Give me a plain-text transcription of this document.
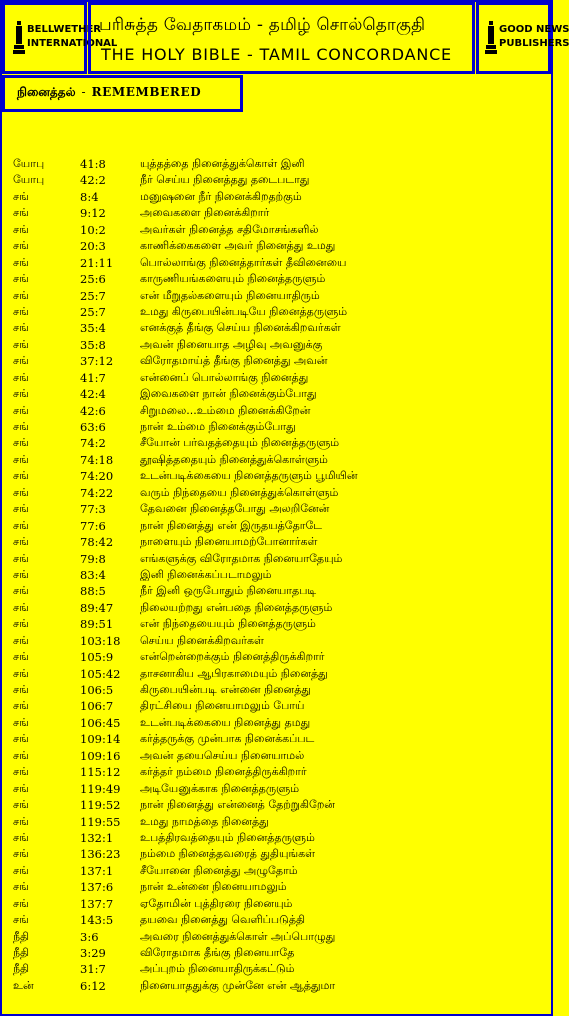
BELLWETHER
INTERNATIONAL
பரிசுத்த வேதாகமம் - தமிழ் சொல்தொகுதி
THE HOLY BIBLE - TAMIL CONCORDANCE
GOOD NEWS
PUBLISHERS
நினைத்தல் - REMEMBERED
யோபு	41:8	யுத்தத்தை நினைத்துக்கொள் இனி
யோபு	42:2	நீர் செய்ய நினைத்தது தடைபடாது
சங்	8:4	மனுஷனை நீர் நினைக்கிறதற்கும்
சங்	9:12	அவைகளை நினைக்கிறார்
சங்	10:2	அவர்கள் நினைத்த சதிமோசங்களில்
சங்	20:3	காணிக்கைகளை அவர் நினைத்து உமது
சங்	21:11 பொல்லாங்கு நினைத்தார்கள் தீவினையை
சங்	25:6	காருணியங்களையும் நினைத்தருளும்
சங்	25:7	என் மீறுதல்களையும் நினையாதிரும்
சங்	25:7	உமது கிருபையின்படியே நினைத்தருளும்
சங்	35:4	எனக்குத் தீங்கு செய்ய நினைக்கிறவர்கள்
சங்	35:8	அவன் நினையாத அழிவு அவனுக்கு
சங்	37:12 விரோதமாய்த் தீங்கு நினைத்து அவன்
சங்	41:7	என்னைப் பொல்லாங்கு நினைத்து
சங்	42:4	இவைகளை நான் நினைக்கும்போது
சங்	42:6	சிறுமலை...உம்மை நினைக்கிறேன்
சங்	63:6	நான் உம்மை நினைக்கும்போது
சங்	74:2	சீயோன் பர்வதத்தையும் நினைத்தருளும்
சங்	74:18 தூஷித்ததையும் நினைத்துக்கொள்ளும்
சங்	74:20 உடன்படிக்கையை நினைத்தருளும் பூமியின்
சங்	74:22 வரும் நிந்தையை நினைத்துக்கொள்ளும்
சங்	77:3	தேவனை நினைத்தபோது அலறினேன்
சங்	77:6	நான் நினைத்து என் இருதயத்தோடே
சங்	78:42 நாளையும் நினையாமற்போனார்கள்
சங்	79:8	எங்களுக்கு விரோதமாக நினையாதேயும்
சங்	83:4	இனி நினைக்கப்படாமலும்
சங்	88:5	நீர் இனி ஒருபோதும் நினையாதபடி
சங்	89:47 நிலையற்றது என்பதை நினைத்தருளும்
சங்	89:51 என் நிந்தையையும் நினைத்தருளும்
சங்	103:18 செய்ய நினைக்கிறவர்கள்
சங்	105:9 என்றென்றைக்கும் நினைத்திருக்கிறார்
சங்	105:42 தாசனாகிய ஆபிரகாமையும் நினைத்து
சங்	106:5 கிருபையின்படி என்னை நினைத்து
சங்	106:7 திரட்சியை நினையாமலும் போய்
சங்	106:45 உடன்படிக்கையை நினைத்து தமது
சங்	109:14 கர்த்தருக்கு முன்பாக நினைக்கப்பட
சங்	109:16 அவன் தயைசெய்ய நினையாமல்
சங்	115:12 கர்த்தர் நம்மை நினைத்திருக்கிறார்
சங்	119:49 அடியேனுக்காக நினைத்தருளும்
சங்	119:52 நான் நினைத்து என்னைத் தேற்றுகிறேன்
சங்	119:55 உமது நாமத்தை நினைத்து
சங்	132:1 உபத்திரவத்தையும் நினைத்தருளும்
சங்	136:23 நம்மை நினைத்தவரைத் துதியுங்கள்
சங்	137:1 சீயோனை நினைத்து அழுதோம்
சங்	137:6 நான் உன்னை நினையாமலும்
சங்	137:7 ஏதோமின் புத்திரரை நினையும்
சங்	143:5 தயவை நினைத்து வெளிப்படுத்தி
நீதி	3:6	அவரை நினைத்துக்கொள் அப்பொழுது
நீதி	3:29	விரோதமாக தீங்கு நினையாதே
நீதி	31:7	அப்புறம் நினையாதிருக்கட்டும்
உன்	6:12	நினையாததுக்கு முன்னே என் ஆத்துமா
